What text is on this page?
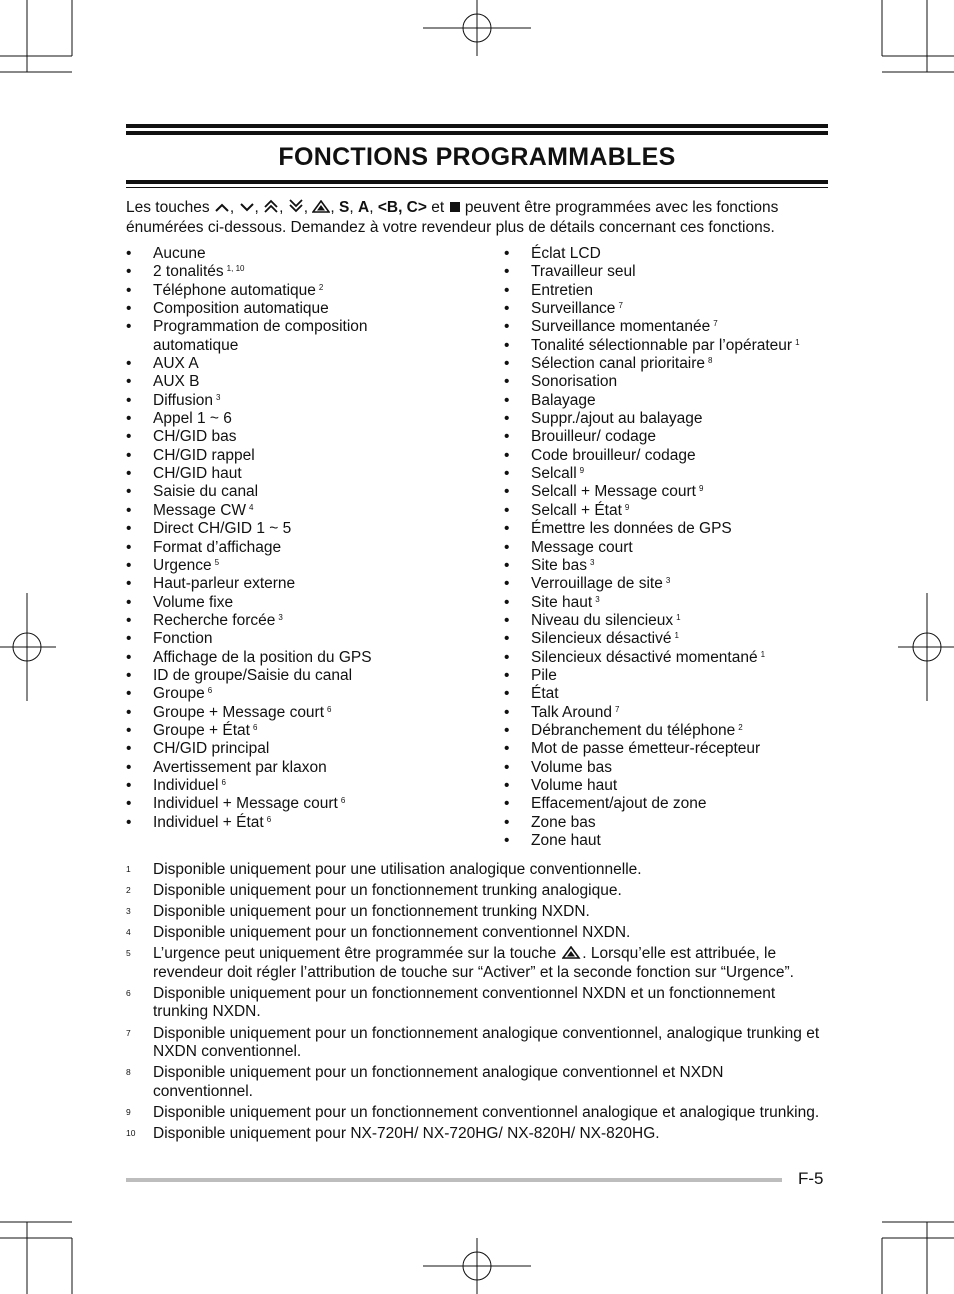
FONCTIONS PROGRAMMABLES
Les touches , , , , , S, A, <B, C> et peuvent être programmées avec les fonctions
énumérées ci-dessous. Demandez à votre revendeur plus de détails concernant ces fonctions.
• Aucune
• 2 tonalités $^{1, 10}$
• Téléphone automatique $^2$
• Composition automatique
• Programmation de composition
automatique
• AUX A
• AUX B
• Diffusion $^3$
• Appel 1 ~ 6
• CH/GID bas
• CH/GID rappel
• CH/GID haut
• Saisie du canal
• Message CW $^4$
• Direct CH/GID 1 ~ 5
• Format d’affichage
• Urgence $^5$
• Haut-parleur externe
• Volume fixe
• Recherche forcée $^3$
• Fonction
• Affichage de la position du GPS
• ID de groupe/Saisie du canal
• Groupe $^6$
• Groupe + Message court $^6$
• Groupe + État $^6$
• CH/GID principal
• Avertissement par klaxon
• Individuel $^6$
• Individuel + Message court $^6$
• Individuel + État $^6$
• Éclat LCD
• Travailleur seul
• Entretien
• Surveillance $^7$
• Surveillance momentanée $^7$
• Tonalité sélectionnable par l’opérateur $^1$
• Sélection canal prioritaire $^8$
• Sonorisation
• Balayage
• Suppr./ajout au balayage
• Brouilleur/ codage
• Code brouilleur/ codage
• Selcall $^9$
• Selcall + Message court $^9$
• Selcall + État $^9$
• Émettre les données de GPS
• Message court
• Site bas $^3$
• Verrouillage de site $^3$
• Site haut $^3$
• Niveau du silencieux $^1$
• Silencieux désactivé $^1$
• Silencieux désactivé momentané $^1$
• Pile
• État
• Talk Around $^7$
• Débranchement du téléphone $^2$
• Mot de passe émetteur-récepteur
• Volume bas
• Volume haut
• Effacement/ajout de zone
• Zone bas
• Zone haut
1 Disponible uniquement pour une utilisation analogique conventionnelle.
2 Disponible uniquement pour un fonctionnement trunking analogique.
3 Disponible uniquement pour un fonctionnement trunking NXDN.
4 Disponible uniquement pour un fonctionnement conventionnel NXDN.
5 L’urgence peut uniquement être programmée sur la touche . Lorsqu’elle est attribuée, le revendeur doit régler l’attribution de touche sur “Activer” et la seconde fonction sur “Urgence”.
6 Disponible uniquement pour un fonctionnement conventionnel NXDN et un fonctionnement trunking NXDN.
7 Disponible uniquement pour un fonctionnement analogique conventionnel, analogique trunking et NXDN conventionnel.
8 Disponible uniquement pour un fonctionnement analogique conventionnel et NXDN conventionnel.
9 Disponible uniquement pour un fonctionnement conventionnel analogique et analogique trunking.
10 Disponible uniquement pour NX-720H/ NX-720HG/ NX-820H/ NX-820HG.
F-5
